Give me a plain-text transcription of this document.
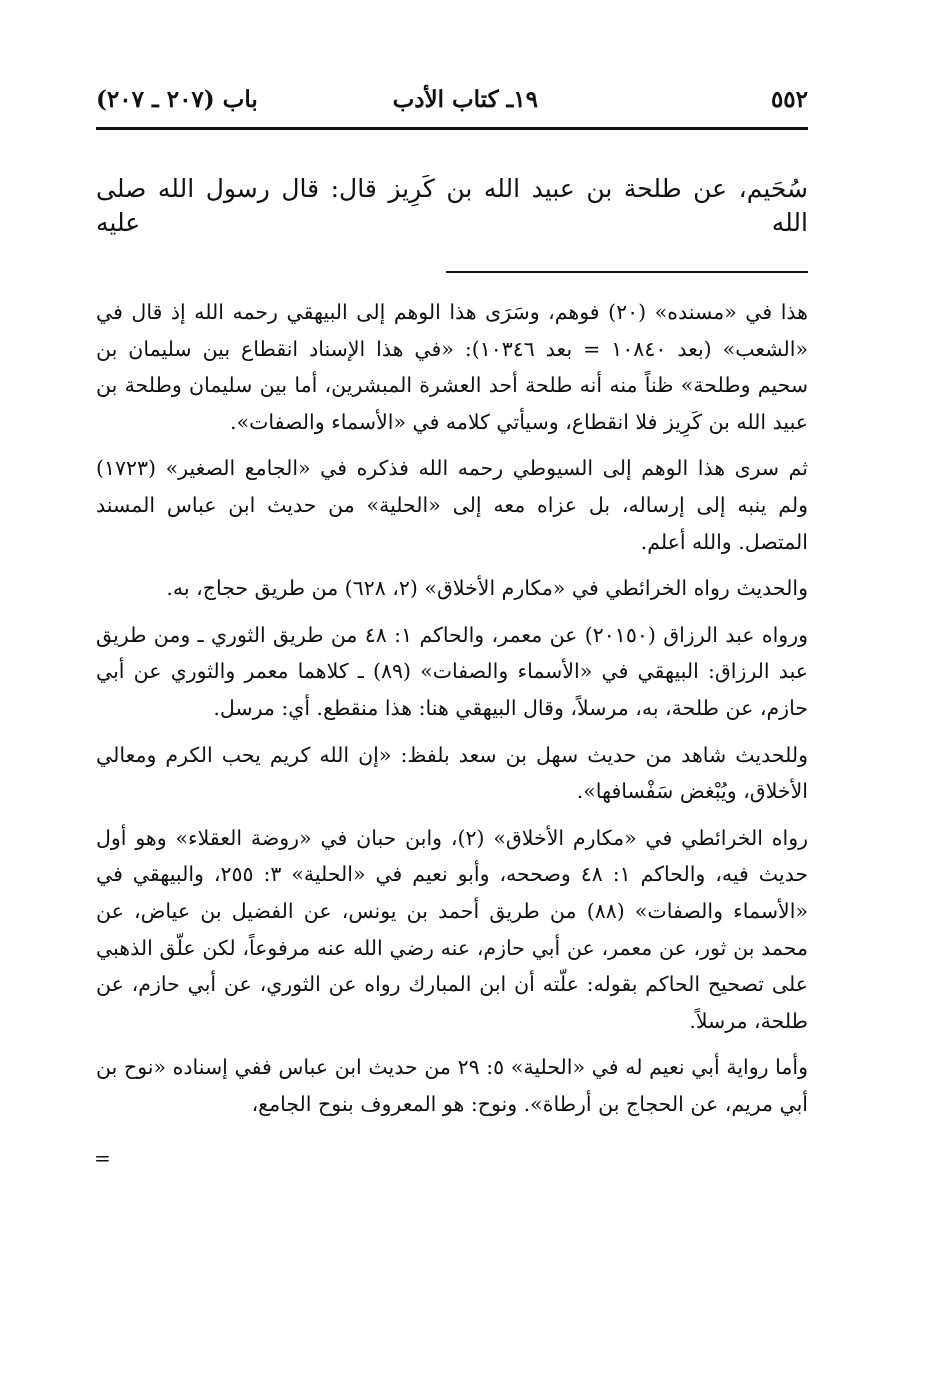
٥٥٢
١٩ـ كتاب الأدب
باب (٢٠٧ ـ ٢٠٧)
سُحَيم، عن طلحة بن عبيد الله بن كَرِيز قال: قال رسول الله صلى الله عليه

هذا في «مسنده» (٢٠) فوهم، وسَرَى هذا الوهم إلى البيهقي رحمه الله إذ قال في «الشعب» (بعد ١٠٨٤٠ = بعد ١٠٣٤٦): «في هذا الإسناد انقطاع بين سليمان بن سحيم وطلحة» ظناً منه أنه طلحة أحد العشرة المبشرين، أما بين سليمان وطلحة بن عبيد الله بن كَرِيز فلا انقطاع، وسيأتي كلامه في «الأسماء والصفات».

ثم سرى هذا الوهم إلى السيوطي رحمه الله فذكره في «الجامع الصغير» (١٧٢٣) ولم ينبه إلى إرساله، بل عزاه معه إلى «الحلية» من حديث ابن عباس المسند المتصل. والله أعلم.

والحديث رواه الخرائطي في «مكارم الأخلاق» (٢، ٦٢٨) من طريق حجاج، به.

ورواه عبد الرزاق (٢٠١٥٠) عن معمر، والحاكم ١: ٤٨ من طريق الثوري ـ ومن طريق عبد الرزاق: البيهقي في «الأسماء والصفات» (٨٩) ـ كلاهما معمر والثوري عن أبي حازم، عن طلحة، به، مرسلاً، وقال البيهقي هنا: هذا منقطع. أي: مرسل.

وللحديث شاهد من حديث سهل بن سعد بلفظ: «إن الله كريم يحب الكرم ومعالي الأخلاق، ويُبْغض سَفْسافها».

رواه الخرائطي في «مكارم الأخلاق» (٢)، وابن حبان في «روضة العقلاء» وهو أول حديث فيه، والحاكم ١: ٤٨ وصححه، وأبو نعيم في «الحلية» ٣: ٢٥٥، والبيهقي في «الأسماء والصفات» (٨٨) من طريق أحمد بن يونس، عن الفضيل بن عياض، عن محمد بن ثور، عن معمر، عن أبي حازم، عنه رضي الله عنه مرفوعاً، لكن علّق الذهبي على تصحيح الحاكم بقوله: علّته أن ابن المبارك رواه عن الثوري، عن أبي حازم، عن طلحة، مرسلاً.

وأما رواية أبي نعيم له في «الحلية» ٥: ٢٩ من حديث ابن عباس ففي إسناده «نوح بن أبي مريم، عن الحجاج بن أرطاة». ونوح: هو المعروف بنوح الجامع،

=
